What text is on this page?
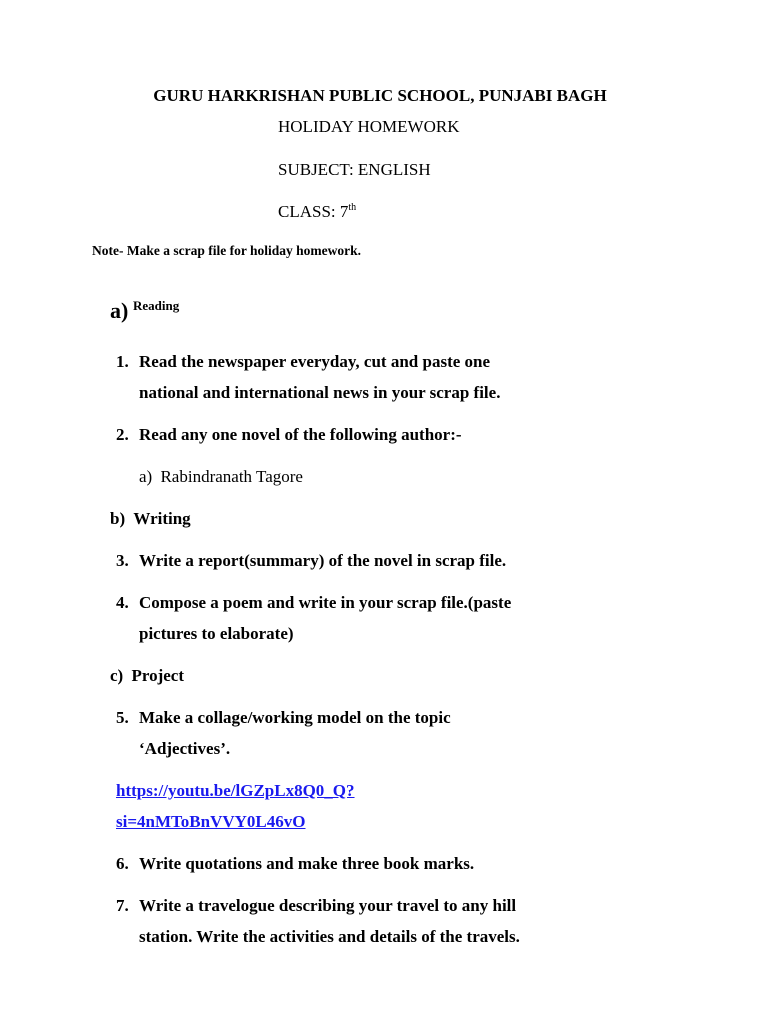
GURU HARKRISHAN PUBLIC SCHOOL, PUNJABI BAGH
HOLIDAY HOMEWORK
SUBJECT: ENGLISH
CLASS: 7th
Note- Make a scrap file for holiday homework.
a) Reading
1. Read the newspaper everyday, cut and paste one
national and international news in your scrap file.
2. Read any one novel of the following author:-
a) Rabindranath Tagore
b) Writing
3. Write a report(summary) of the novel in scrap file.
4. Compose a poem and write in your scrap file.(paste
pictures to elaborate)
c) Project
5. Make a collage/working model on the topic
‘Adjectives’.
https://youtu.be/lGZpLx8Q0_Q?
si=4nMToBnVVY0L46vO
6. Write quotations and make three book marks.
7. Write a travelogue describing your travel to any hill
station. Write the activities and details of the travels.
